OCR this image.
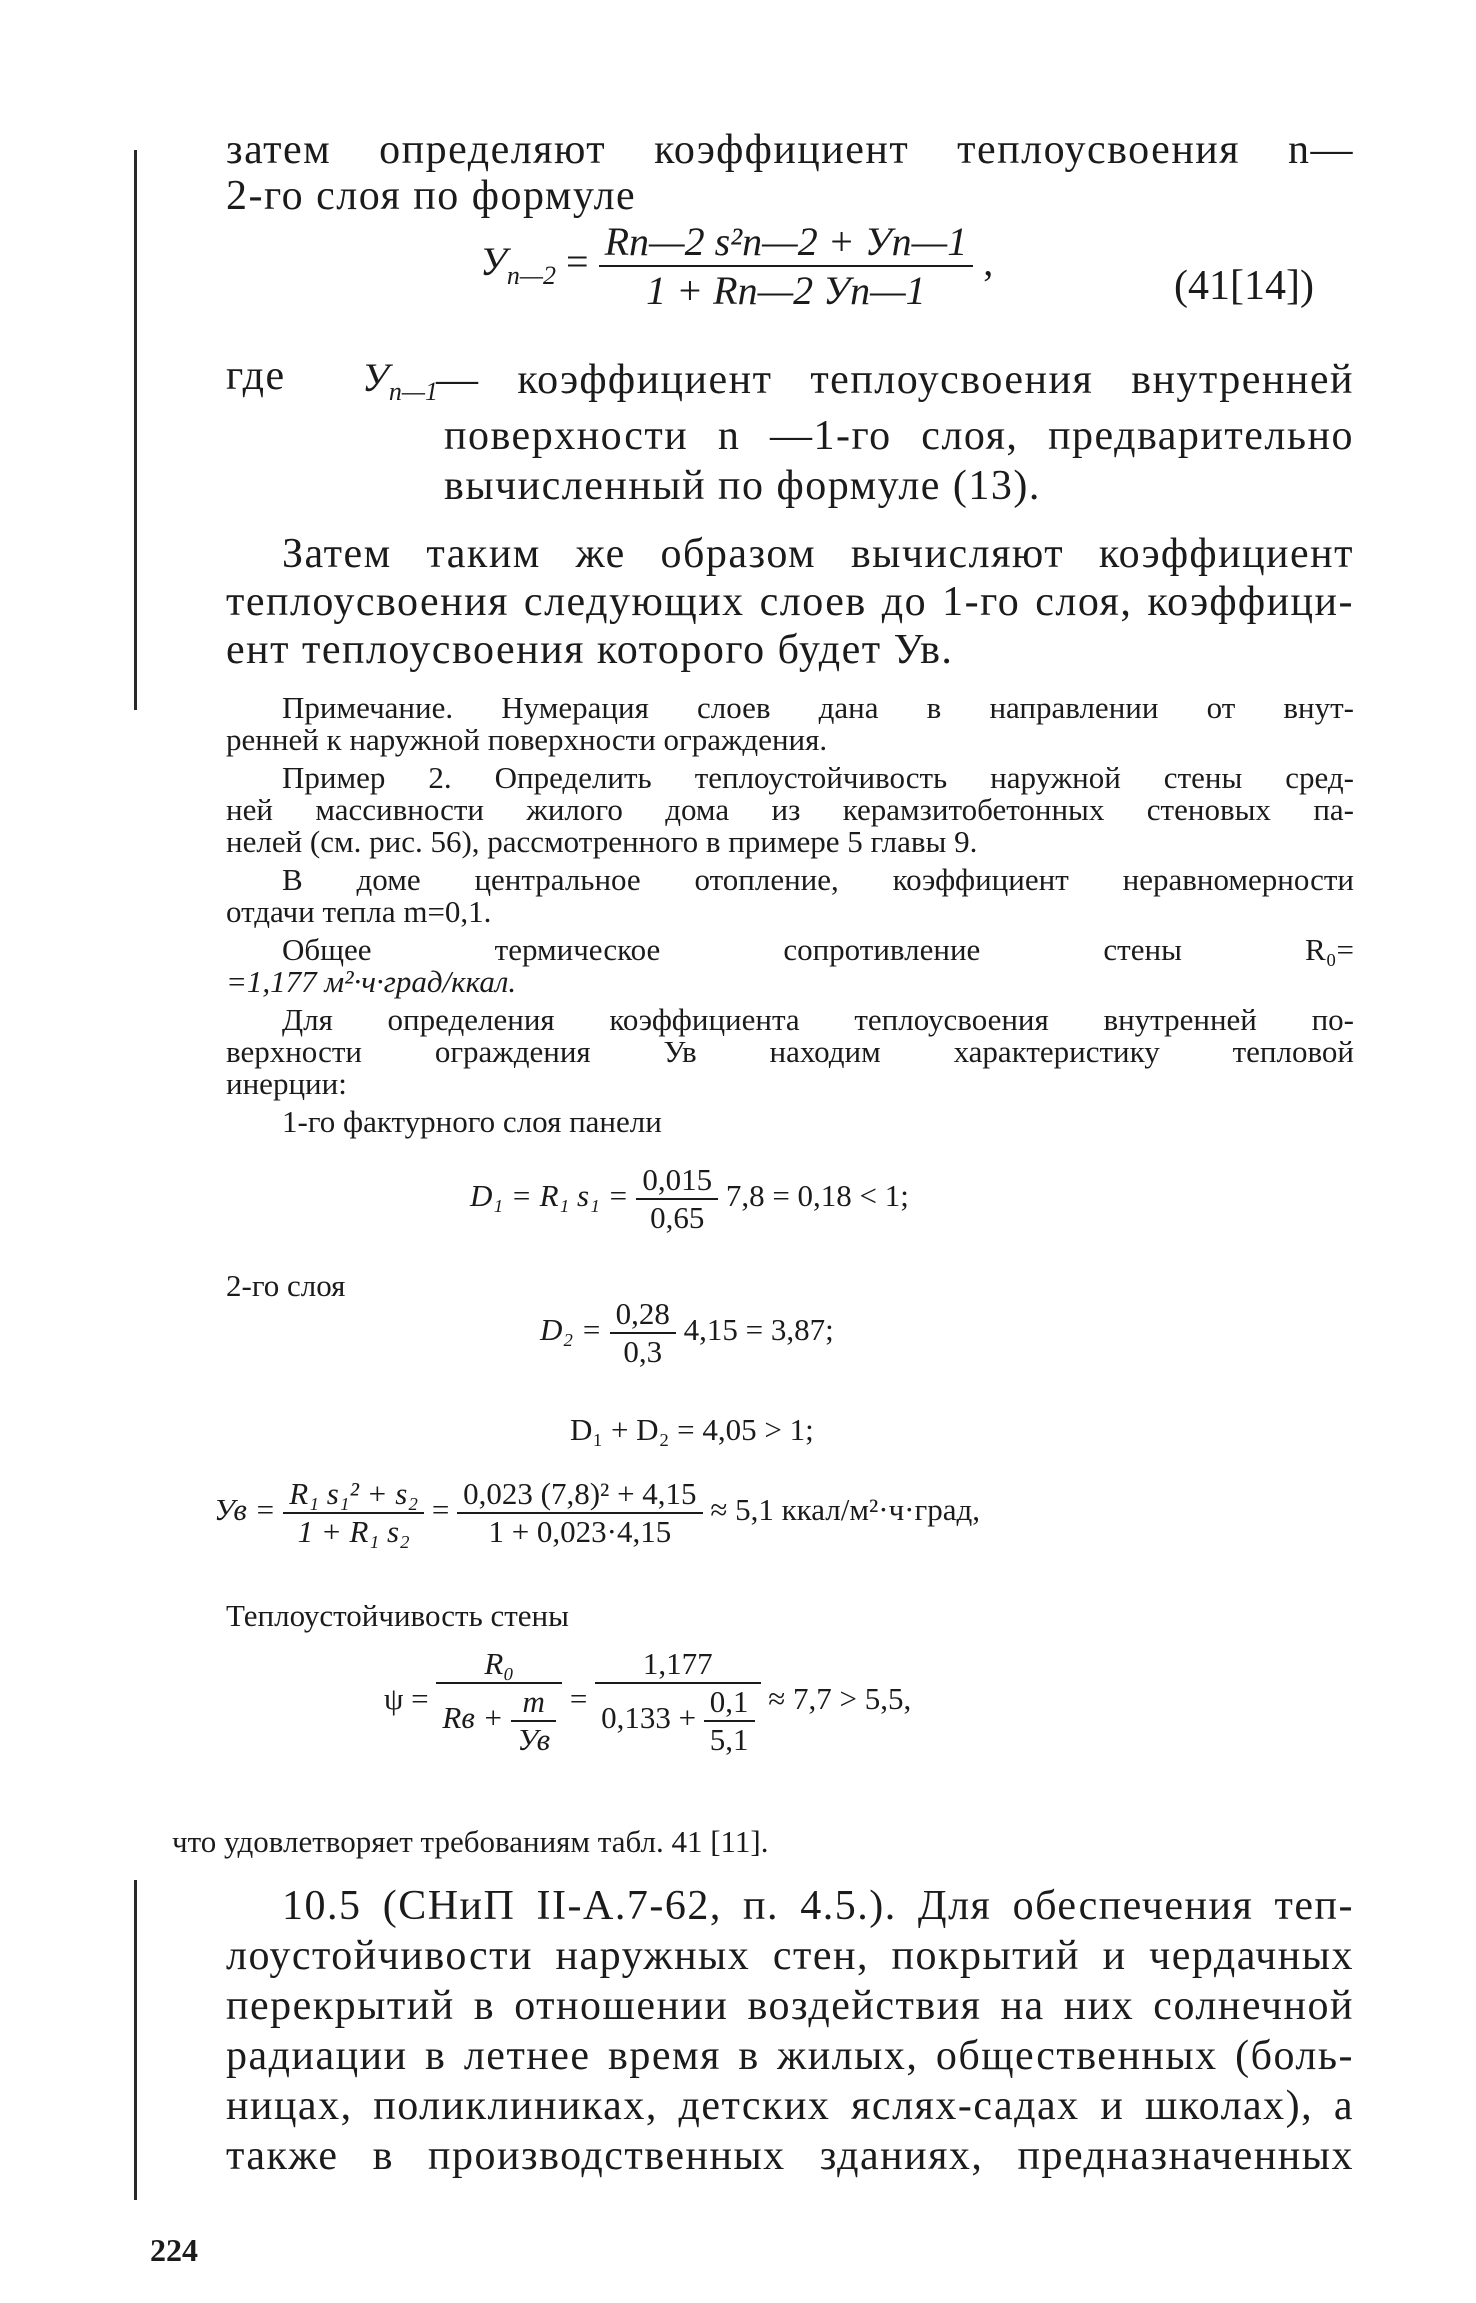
затем определяют коэффициент теплоусвоения n—
2-го слоя по формуле
$У_{n—2} = \frac{\text{Rn—2 s²n—2 + Уn—1}}{1 + Rn—2 Уn—1}$ ,
(41[14])
где	$У_{n—1}$
— коэффициент теплоусвоения внутренней
поверхности n —1-го слоя, предварительно
вычисленный по формуле (13).
Затем таким же образом вычисляют коэффициент
теплоусвоения следующих слоев до 1-го слоя, коэффици-
ент теплоусвоения которого будет Ув.
Примечание. Нумерация слоев дана в направлении от внут-
ренней к наружной поверхности ограждения.
Пример 2. Определить теплоустойчивость наружной стены сред-
ней массивности жилого дома из керамзитобетонных стеновых па-
нелей (см. рис. 56), рассмотренного в примере 5 главы 9.
В доме центральное отопление, коэффициент неравномерности
отдачи тепла m=0,1.
Общее термическое сопротивление стены R₀=
=1,177 м²·ч·град/ккал.
Для определения коэффициента теплоусвоения внутренней по-
верхности ограждения Ув находим характеристику тепловой
инерции:
1-го фактурного слоя панели
D₁ = R₁ $s_1 = \frac{0,015}{0,65} 7,8 = 0,18 < 1$;
2-го слоя
$D_2 = \frac{0,28}{0,3} 4,15 = 3,87$;
D₁ + D₂ = 4,05 > 1;
Ув = $\frac{\text{R₁ s₁² + s₂}}{\text{1 + R₁ s₂}} = \frac{\text{0,023 (7,8)² + 4,15}}{1 + 0,023\cdot 4,15} \approx 5,1$ ккал/м²·ч·град,
Теплоустойчивость стены
$\psi = \frac{\text{R₀}}{Rв + \frac{m}{Ув}} = \frac{1,177}{0,133 + \frac{0,1}{5,1}} \approx 7,7 > 5,5$,
что удовлетворяет требованиям табл. 41 [11].
10.5 (СНиП II-А.7-62, п. 4.5.). Для обеспечения теп-
лоустойчивости наружных стен, покрытий и чердачных
перекрытий в отношении воздействия на них солнечной
радиации в летнее время в жилых, общественных (боль-
ницах, поликлиниках, детских яслях-садах и школах), а
также в производственных зданиях, предназначенных
224
